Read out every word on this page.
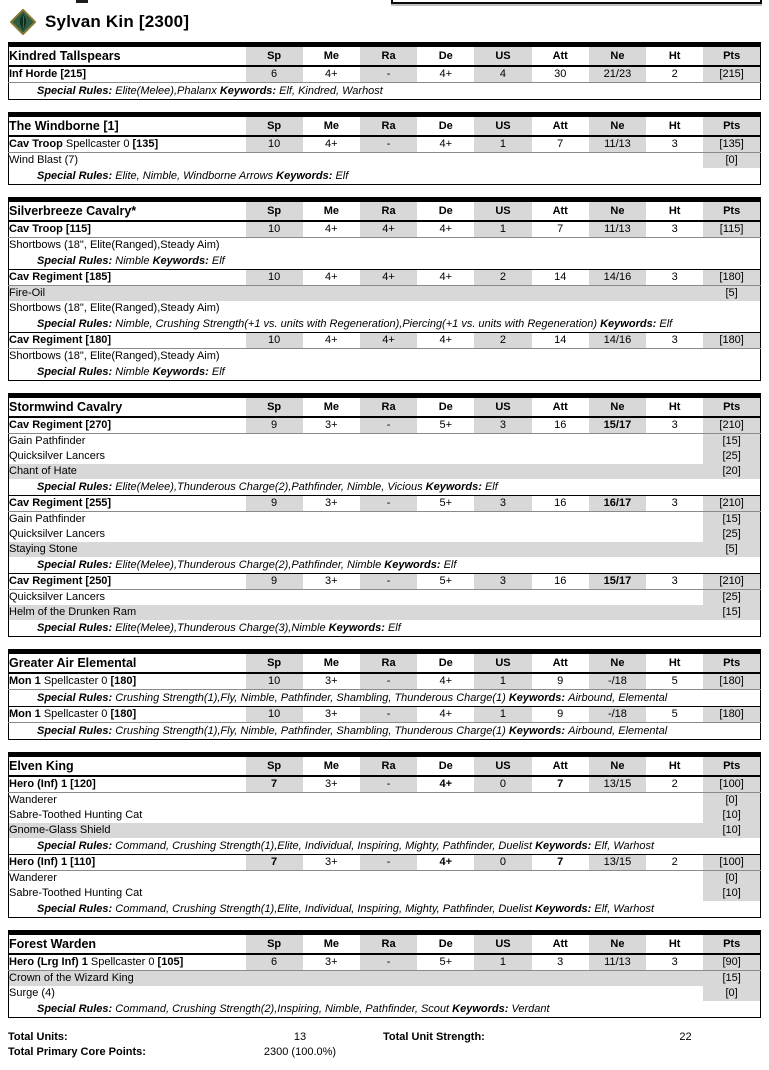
Sylvan Kin [2300]
Kindred Tallspears	Sp	Me	Ra	De	US	Att	Ne	Ht	Pts
Inf Horde [215]	6	4+	-	4+	4	30	21/23	2	[215]
Special Rules: Elite(Melee),Phalanx Keywords: Elf, Kindred, Warhost									
The Windborne [1]	Sp	Me	Ra	De	US	Att	Ne	Ht	Pts
Cav Troop Spellcaster 0 [135]	10	4+	-	4+	1	7	11/13	3	[135]
Wind Blast (7)									[0]
Special Rules: Elite, Nimble, Windborne Arrows Keywords: Elf									
Silverbreeze Cavalry*	Sp	Me	Ra	De	US	Att	Ne	Ht	Pts
Cav Troop [115]	10	4+	4+	4+	1	7	11/13	3	[115]
Shortbows (18", Elite(Ranged),Steady Aim)									
Special Rules: Nimble Keywords: Elf									
Cav Regiment [185]	10	4+	4+	4+	2	14	14/16	3	[180]
Fire-Oil									[5]
Shortbows (18", Elite(Ranged),Steady Aim)									
Special Rules: Nimble, Crushing Strength(+1 vs. units with Regeneration),Piercing(+1 vs. units with Regeneration) Keywords: Elf									
Cav Regiment [180]	10	4+	4+	4+	2	14	14/16	3	[180]
Shortbows (18", Elite(Ranged),Steady Aim)									
Special Rules: Nimble Keywords: Elf									
Stormwind Cavalry	Sp	Me	Ra	De	US	Att	Ne	Ht	Pts
Cav Regiment [270]	9	3+	-	5+	3	16	15/17	3	[210]
Gain Pathfinder									[15]
Quicksilver Lancers									[25]
Chant of Hate									[20]
Special Rules: Elite(Melee),Thunderous Charge(2),Pathfinder, Nimble, Vicious Keywords: Elf									
Cav Regiment [255]	9	3+	-	5+	3	16	16/17	3	[210]
Gain Pathfinder									[15]
Quicksilver Lancers									[25]
Staying Stone									[5]
Special Rules: Elite(Melee),Thunderous Charge(2),Pathfinder, Nimble Keywords: Elf									
Cav Regiment [250]	9	3+	-	5+	3	16	15/17	3	[210]
Quicksilver Lancers									[25]
Helm of the Drunken Ram									[15]
Special Rules: Elite(Melee),Thunderous Charge(3),Nimble Keywords: Elf									
Greater Air Elemental	Sp	Me	Ra	De	US	Att	Ne	Ht	Pts
Mon 1 Spellcaster 0 [180]	10	3+	-	4+	1	9	-/18	5	[180]
Special Rules: Crushing Strength(1),Fly, Nimble, Pathfinder, Shambling, Thunderous Charge(1) Keywords: Airbound, Elemental									
Mon 1 Spellcaster 0 [180]	10	3+	-	4+	1	9	-/18	5	[180]
Special Rules: Crushing Strength(1),Fly, Nimble, Pathfinder, Shambling, Thunderous Charge(1) Keywords: Airbound, Elemental									
Elven King	Sp	Me	Ra	De	US	Att	Ne	Ht	Pts
Hero (Inf) 1 [120]	7	3+	-	4+	0	7	13/15	2	[100]
Wanderer									[0]
Sabre-Toothed Hunting Cat									[10]
Gnome-Glass Shield									[10]
Special Rules: Command, Crushing Strength(1),Elite, Individual, Inspiring, Mighty, Pathfinder, Duelist Keywords: Elf, Warhost									
Hero (Inf) 1 [110]	7	3+	-	4+	0	7	13/15	2	[100]
Wanderer									[0]
Sabre-Toothed Hunting Cat									[10]
Special Rules: Command, Crushing Strength(1),Elite, Individual, Inspiring, Mighty, Pathfinder, Duelist Keywords: Elf, Warhost									
Forest Warden	Sp	Me	Ra	De	US	Att	Ne	Ht	Pts
Hero (Lrg Inf) 1 Spellcaster 0 [105]	6	3+	-	5+	1	3	11/13	3	[90]
Crown of the Wizard King									[15]
Surge (4)									[0]
Special Rules: Command, Crushing Strength(2),Inspiring, Nimble, Pathfinder, Scout Keywords: Verdant									
Total Units:	13	Total Unit Strength:	22
Total Primary Core Points:	2300 (100.0%)
